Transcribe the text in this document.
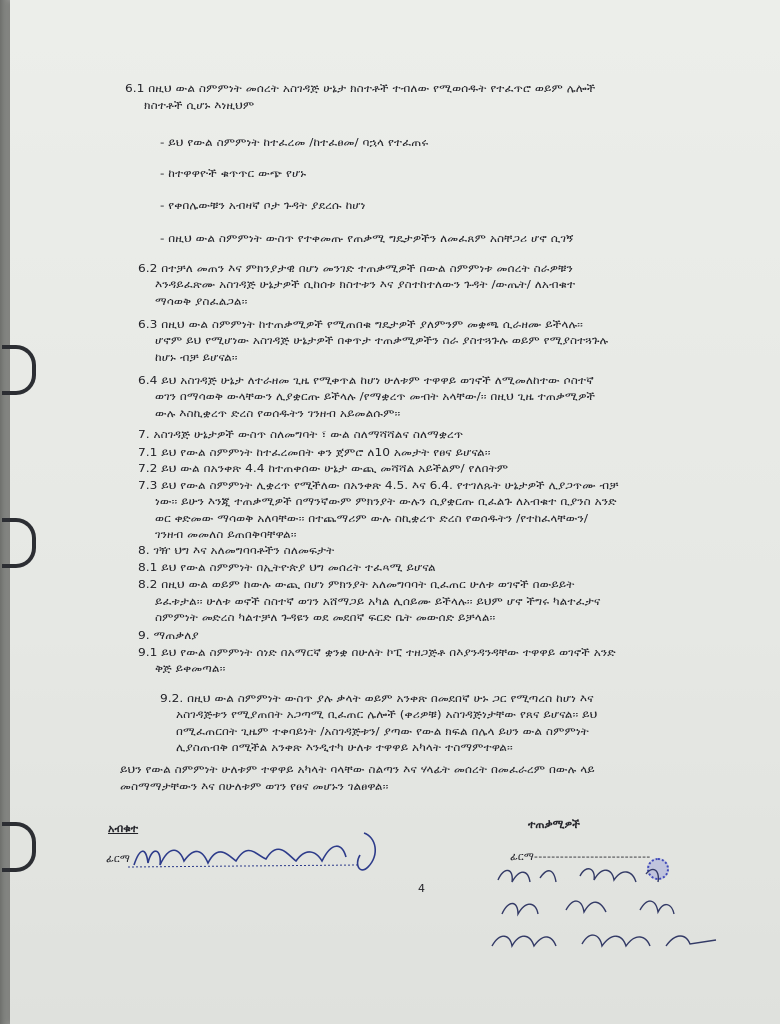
6.1 በዚህ ውል ስምምነት መሰረት አስገዳጅ ሁኔታ ክስተቶች ተብለው የሚወሰዱት የተፈጥሮ ወይም ሌሎች
ክስተቶች ሲሆኑ እነዚህም
- ይህ የውል ስምምነት ከተፈረመ /ከተፈፀመ/ ባኋላ የተፈጠሩ
- ከተዋዋዮች ቁጥጥር ውጭ የሆኑ
- የቀበሌውቹን አብዛኛ ቦታ ጉዳት ያደረሱ ከሆነ
- በዚህ ውል ስምምነት ውስጥ የተቀመጡ የጠቃሚ ግዴታዎችን ለመፈጸም አስቸጋሪ ሆኖ ሲገኝ
6.2 በተቻለ መጠን እና ምክንያታዊ በሆነ መንገድ ተጠቃሚዎች በውል ስምምነቱ መሰረት ስራዎቹን
እንዳይፈጽሙ አስገዳጅ ሁኔታዎች ሲከሰቱ ክስተቱን እና ያስተከተለውን ጉዳት /ውጤት/ ለአብቁተ
ማሳወቅ ያስፈልጋል፡፡
6.3 በዚህ ውል ስምምነት ከተጠቃሚዎች የሚጠበቁ ግዴታዎች ያለምንም መቋጫ ሲራዘሙ ይችላሉ፡፡
ሆኖም ይህ የሚሆነው አስገዳጅ ሁኔታዎች በቀጥታ ተጠቃሚዎችን ስራ ያስተጓጉሉ ወይም የሚያስተጓጉሉ
ከሆኑ ብቻ ይሆናል፡፡
6.4 ይህ አስገዳጅ ሁኔታ ለተራዘመ ጊዜ የሚቀጥል ከሆነ ሁለቱም ተዋዋይ ወገኖች ለሚመለከተው ሶስተኛ
ወገን በማሳወቅ ውላቸውን ሊያቋርጡ ይችላሉ /የማቋረጥ መብት አላቸው/፡፡ በዚህ ጊዜ ተጠቃሚዎች
ውሉ እስኪቋረጥ ድረስ የወሰዱትን ገንዘብ አይመልሱም፡፡
7. አስገዳጅ ሁኔታዎች ውስጥ ስለመግባት ፣ ውል ስለማሻሻልና ስለማቋረጥ
7.1 ይህ የውል ስምምነት ከተፈረመበት ቀን ጀምሮ ለ10 አመታት የፀና ይሆናል፡፡
7.2 ይህ ውል በአንቀጽ 4.4 ከተጠቀሰው ሁኔታ ውጪ መሻሻል አይችልም/ የለበትም
7.3 ይህ የውል ስምምነት ሊቋረጥ የሚችለው በአንቀጽ 4.5. እና 6.4. የተገለጹት ሁኔታዎች ሊያጋጥሙ ብቻ
ነው፡፡ ይሁን እንጂ ተጠቃሚዎች በማንኛውም ምክንያት ውሉን ሲያቋርጡ ቢፈልጉ ለአብቁተ ቢያንስ አንድ
ወር ቀድመው ማሳወቅ አለባቸው፡፡ በተጨማሪም ውሉ ስኪቋረጥ ድረስ የወሰዱትን /የተከፈላቸውን/
ገንዘብ መመለስ ይጠበቅባቸዋል፡፡
8. ገዥ ህግ እና አለመግባባቶችን ስለመፍታት
8.1 ይህ የውል ስምምነት በኢትዮጵያ ህግ መሰረት ተፈጻሚ ይሆናል
8.2 በዚህ ውል ወይም ከውሉ ውጪ በሆነ ምክንያት አለመግባባት ቢፈጠር ሁለቱ ወገኖች በውይይት
ይፈቱታል፡፡ ሁለቱ ወኖች ስስተኛ ወገን አሸማጋይ አካል ሊሰይሙ ይችላሉ፡፡ ይህም ሆኖ ችግሩ ካልተፈታና
ስምምነት መድረስ ካልተቻለ ጉዳዩን ወደ መደበኛ ፍርድ ቤት መውሰድ ይቻላል፡፡
9. ማጠቃለያ
9.1 ይህ የውል ስምምነት ሰነድ በአማርኛ ቋንቋ በሁለት ኮፒ ተዘጋጅቶ በእያንዳንዳቸው ተዋዋይ ወገኖች አንድ
ቅጅ ይቀመጣል፡፡
9.2. በዚህ ውል ስምምነት ውስጥ ያሉ ቃላት ወይም አንቀጽ በመደበኛ ሁኑ ጋር የሚጣረስ ከሆነ እና
አስገዳጅቱን የሚያጠበት አጋጣሚ ቢፈጠር ሌሎች (ቀሪዎቹ) አስገዳጅነታቸው የጸና ይሆናል፡፡ ይህ
በሚፈጠርበት ጊዜም ተቀባይነት /አስገዳጅቱን/ ያጣው የውል ክፍል በሌላ ይሀን ውል ስምምነት
ሊያስጠብቅ በሚችል አንቀጽ እንዲተካ ሁለቱ ተዋዋይ አካላት ተስማምተዋል፡፡
ይህን የውል ስምምነት ሁለቱም ተዋዋይ አካላት ባላቸው ስልጣን እና ሃላፊት መሰረት በመፈራረም በውሉ ላይ
መስማማታቸውን እና በሁለቱም ወገን የፀና መሆኑን ገልፀዋል፡፡
አብቁተ
ፊርማ
ተጠቃሚዎች
ፊርማ ---------------------------
4
